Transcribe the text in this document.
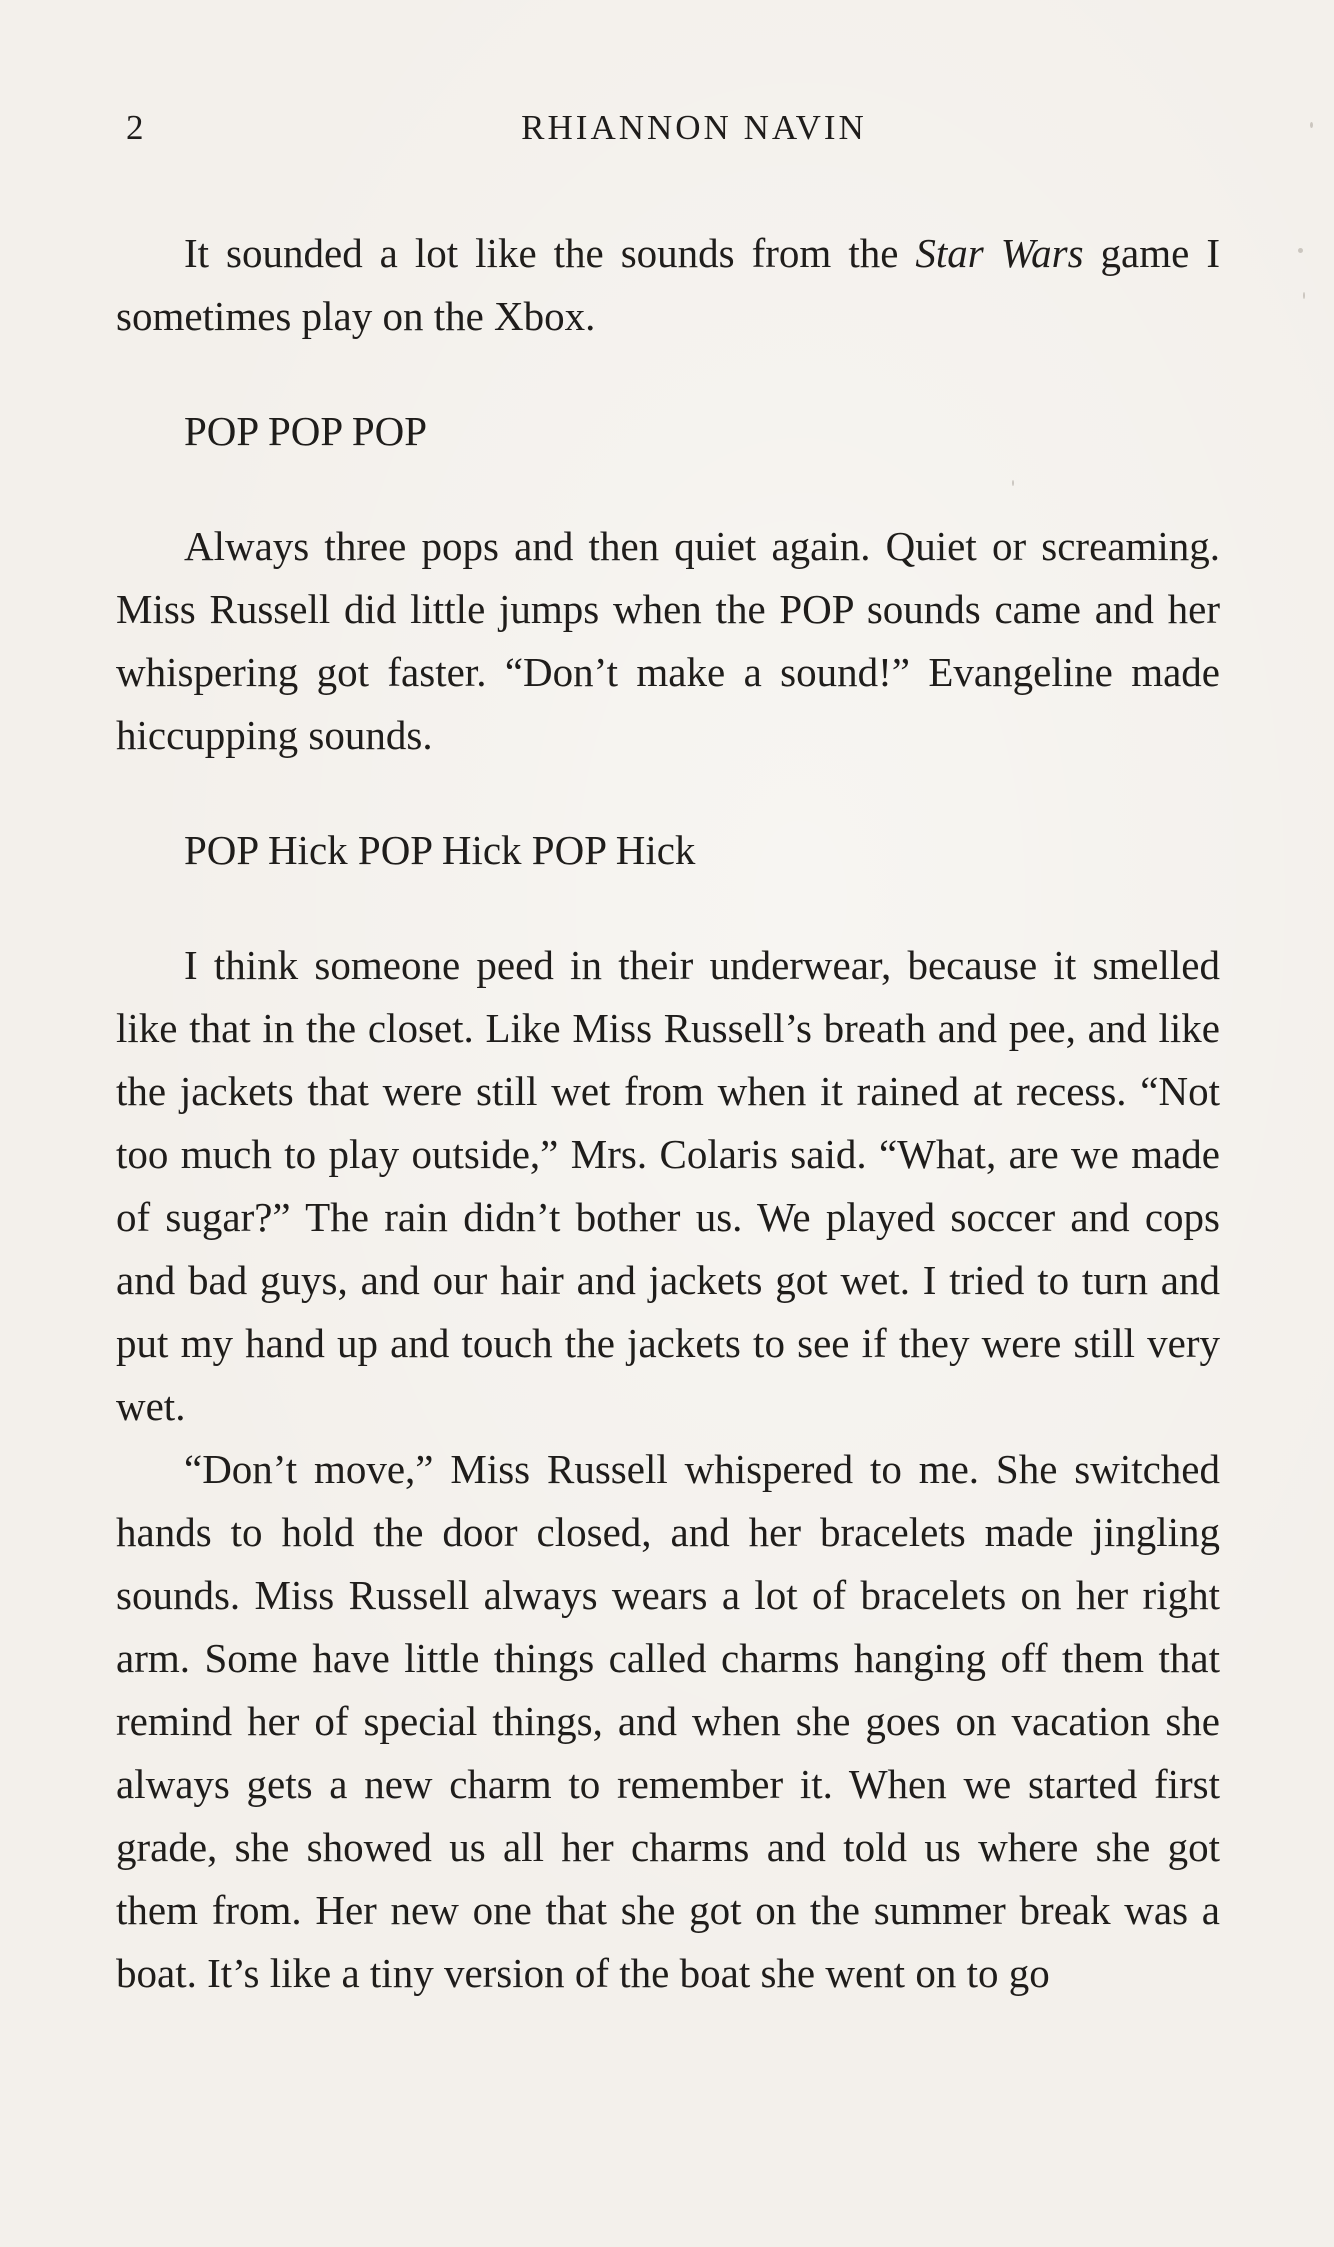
2	RHIANNON NAVIN

It sounded a lot like the sounds from the Star Wars game I sometimes play on the Xbox.

POP POP POP

Always three pops and then quiet again. Quiet or screaming. Miss Russell did little jumps when the POP sounds came and her whispering got faster. “Don’t make a sound!” Evangeline made hiccupping sounds.

POP Hick POP Hick POP Hick

I think someone peed in their underwear, because it smelled like that in the closet. Like Miss Russell’s breath and pee, and like the jackets that were still wet from when it rained at recess. “Not too much to play outside,” Mrs. Colaris said. “What, are we made of sugar?” The rain didn’t bother us. We played soccer and cops and bad guys, and our hair and jackets got wet. I tried to turn and put my hand up and touch the jackets to see if they were still very wet.

“Don’t move,” Miss Russell whispered to me. She switched hands to hold the door closed, and her bracelets made jingling sounds. Miss Russell always wears a lot of bracelets on her right arm. Some have little things called charms hanging off them that remind her of special things, and when she goes on vacation she always gets a new charm to remember it. When we started first grade, she showed us all her charms and told us where she got them from. Her new one that she got on the summer break was a boat. It’s like a tiny version of the boat she went on to go
